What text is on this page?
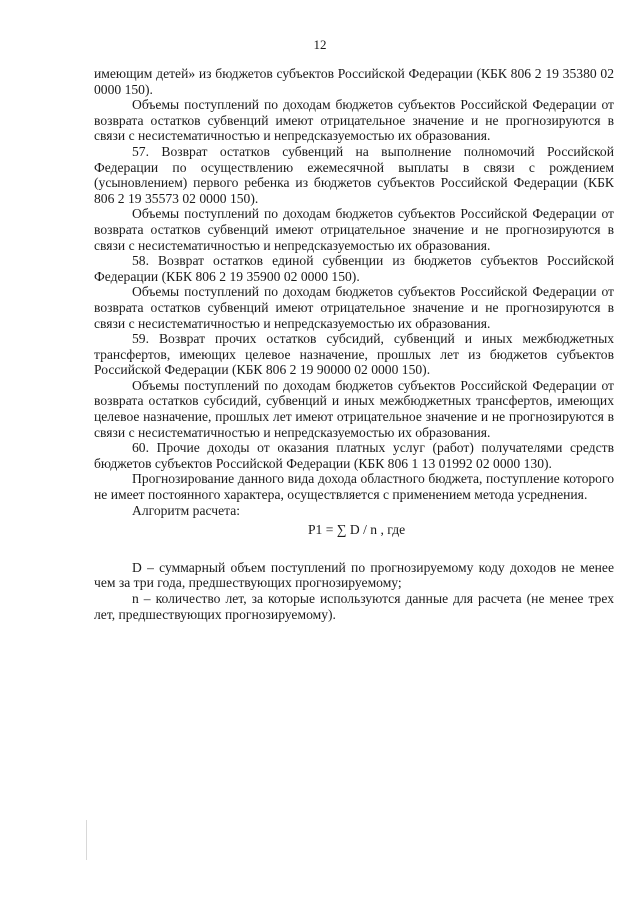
12

имеющим детей» из бюджетов субъектов Российской Федерации (КБК 806 2 19 35380 02 0000 150).

Объемы поступлений по доходам бюджетов субъектов Российской Федерации от возврата остатков субвенций имеют отрицательное значение и не прогнозируются в связи с несистематичностью и непредсказуемостью их образования.

57. Возврат остатков субвенций на выполнение полномочий Российской Федерации по осуществлению ежемесячной выплаты в связи с рождением (усыновлением) первого ребенка из бюджетов субъектов Российской Федерации (КБК 806 2 19 35573 02 0000 150).

Объемы поступлений по доходам бюджетов субъектов Российской Федерации от возврата остатков субвенций имеют отрицательное значение и не прогнозируются в связи с несистематичностью и непредсказуемостью их образования.

58. Возврат остатков единой субвенции из бюджетов субъектов Российской Федерации (КБК 806 2 19 35900 02 0000 150).

Объемы поступлений по доходам бюджетов субъектов Российской Федерации от возврата остатков субвенций имеют отрицательное значение и не прогнозируются в связи с несистематичностью и непредсказуемостью их образования.

59. Возврат прочих остатков субсидий, субвенций и иных межбюджетных трансфертов, имеющих целевое назначение, прошлых лет из бюджетов субъектов Российской Федерации (КБК 806 2 19 90000 02 0000 150).

Объемы поступлений по доходам бюджетов субъектов Российской Федерации от возврата остатков субсидий, субвенций и иных межбюджетных трансфертов, имеющих целевое назначение, прошлых лет имеют отрицательное значение и не прогнозируются в связи с несистематичностью и непредсказуемостью их образования.

60. Прочие доходы от оказания платных услуг (работ) получателями средств бюджетов субъектов Российской Федерации (КБК 806 1 13 01992 02 0000 130).

Прогнозирование данного вида дохода областного бюджета, поступление которого не имеет постоянного характера, осуществляется с применением метода усреднения.

Алгоритм расчета:

Р1 = ∑ D / n , где

D – суммарный объем поступлений по прогнозируемому коду доходов не менее чем за три года, предшествующих прогнозируемому;

n – количество лет, за которые используются данные для расчета (не менее трех лет, предшествующих прогнозируемому).
